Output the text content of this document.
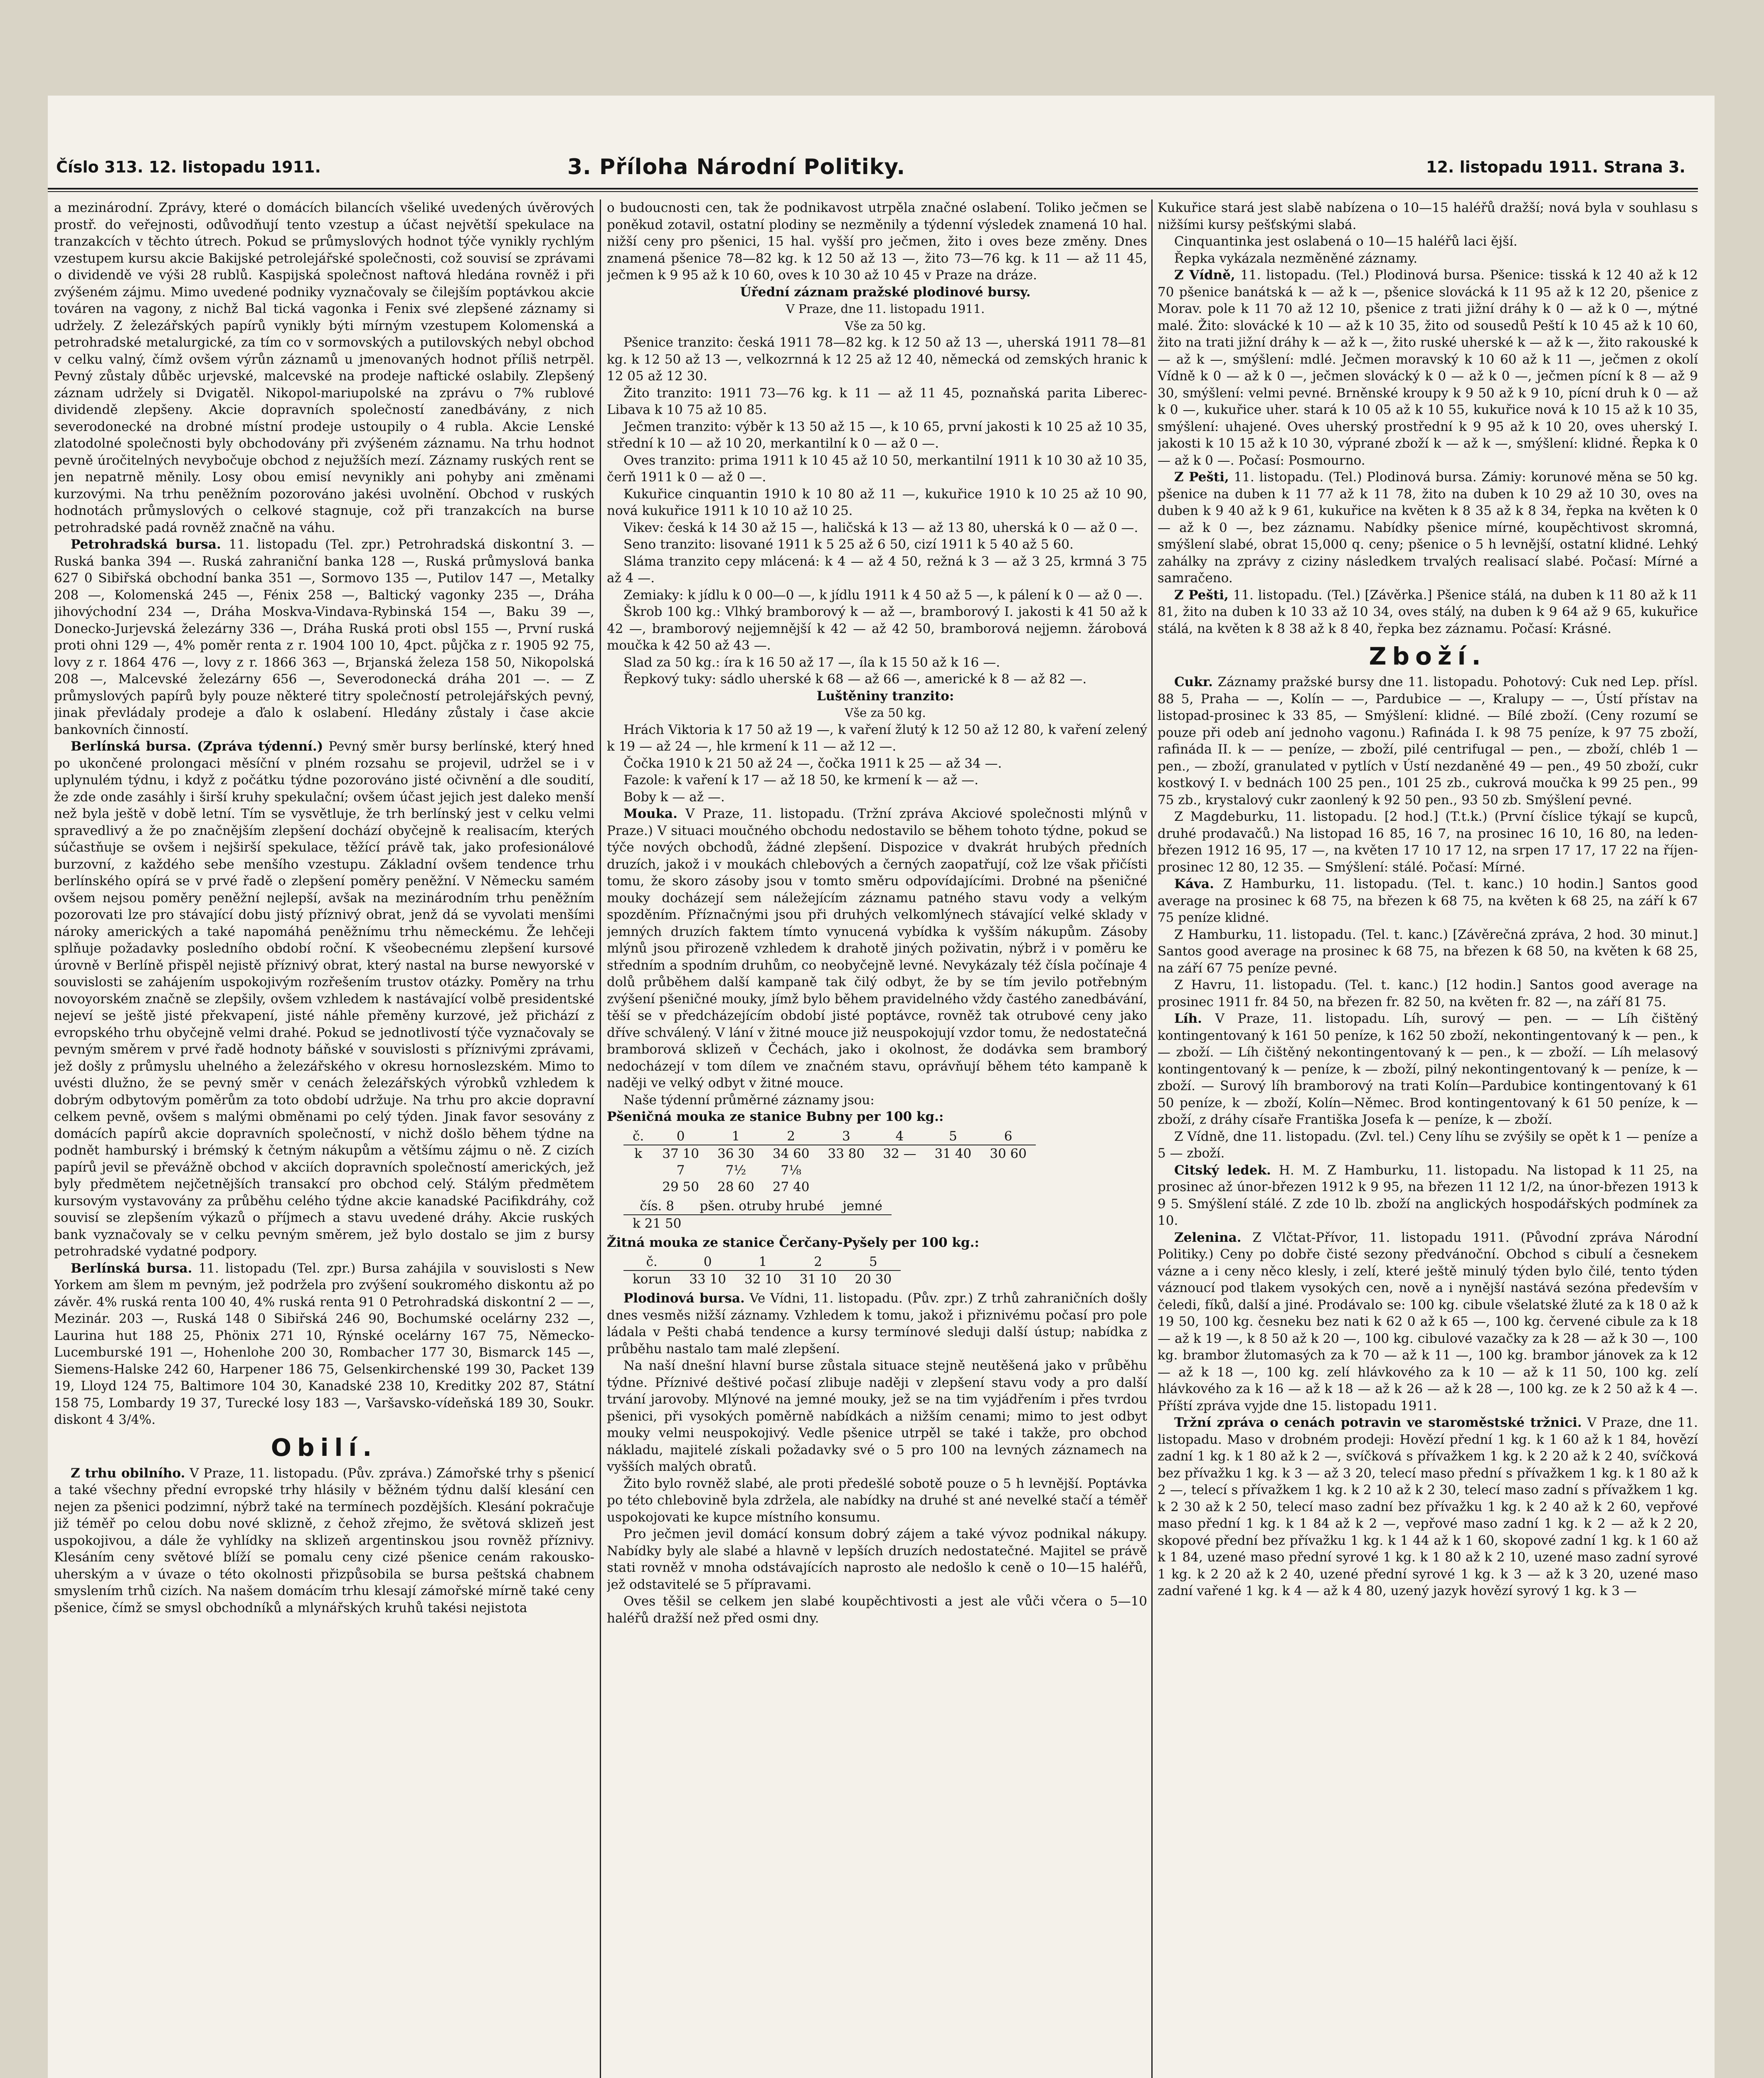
Číslo 313. 12. listopadu 1911.	3. Příloha Národní Politiky.	12. listopadu 1911. Strana 3.

a mezinárodní. Zprávy, které o domácích bilancích všeliké uvedených úvěrových prostř. do veřejnosti, odůvodňují tento vzestup a účast největší spekulace na tranzakcích v těchto útrech. Pokud se průmyslových hodnot týče vynikly rychlým vzestupem kursu akcie Bakijské petrolejářské společnosti, což souvisí se zprávami o dividendě ve výši 28 rublů. Kaspijská společnost naftová hledána rovněž i při zvýšeném zájmu. Mimo uvedené podniky vyznačovaly se čilejším poptávkou akcie továren na vagony, z nichž Bal tická vagonka i Fenix své zlepšené záznamy si udržely. Z železářských papírů vynikly býti mírným vzestupem Kolomenská a petrohradské metalurgické, za tím co v sormovských a putilovských nebyl obchod v celku valný, čímž ovšem výrůn záznamů u jmenovaných hodnot příliš netrpěl. Pevný zůstaly důběc urjevské, malcevské na prodeje naftické oslabily. Zlepšený záznam udržely si Dvigatěl. Nikopol-mariupolské na zprávu o 7% rublové dividendě zlepšeny. Akcie dopravních společností zanedbávány, z nich severodonecké na drobné místní prodeje ustoupily o 4 rubla. Akcie Lenské zlatodolné společnosti byly obchodovány při zvýšeném záznamu. Na trhu hodnot pevně úročitelných nevybočuje obchod z nejužších mezí. Záznamy ruských rent se jen nepatrně měnily. Losy obou emisí nevynikly ani pohyby ani změnami kurzovými. Na trhu peněžním pozorováno jakési uvolnění. Obchod v ruských hodnotách průmyslových o celkové stagnuje, což při tranzakcích na burse petrohradské padá rovněž značně na váhu.

Petrohradská bursa. 11. listopadu (Tel. zpr.) Petrohradská diskontní 3. — Ruská banka 394 —. Ruská zahraniční banka 128 —, Ruská průmyslová banka 627 0 Sibiřská obchodní banka 351 —, Sormovo 135 —, Putilov 147 —, Metalky 208 —, Kolomenská 245 —, Fénix 258 —, Baltický vagonky 235 —, Dráha jihovýchodní 234 —, Dráha Moskva-Vindava-Rybinská 154 —, Baku 39 —, Donecko-Jurjevská železárny 336 —, Dráha Ruská proti obsl 155 —, První ruská proti ohni 129 —, 4% poměr renta z r. 1904 100 10, 4pct. půjčka z r. 1905 92 75, lovy z r. 1864 476 —, lovy z r. 1866 363 —, Brjanská železa 158 50, Nikopolská 208 —, Malcevské železárny 656 —, Severodonecká dráha 201 —. — Z průmyslových papírů byly pouze některé titry společností petrolejářských pevný, jinak převládaly prodeje a ďalo k oslabení. Hledány zůstaly i čase akcie bankovních činností.

Berlínská bursa. (Zpráva týdenní.) Pevný směr bursy berlínské, který hned po ukončené prolongaci měsíční v plném rozsahu se projevil, udržel se i v uplynulém týdnu, i když z počátku týdne pozorováno jisté očivnění a dle soudití, že zde onde zasáhly i širší kruhy spekulační; ovšem účast jejich jest daleko menší než byla ještě v době letní. Tím se vysvětluje, že trh berlínský jest v celku velmi spravedlivý a že po značnějším zlepšení dochází obyčejně k realisacím, kterých súčastňuje se ovšem i nejširší spekulace, těžící právě tak, jako profesionálové burzovní, z každého sebe menšího vzestupu. Základní ovšem tendence trhu berlínského opírá se v prvé řadě o zlepšení poměry peněžní. V Německu samém ovšem nejsou poměry peněžní nejlepší, avšak na mezinárodním trhu peněžním pozorovati lze pro stávající dobu jistý příznivý obrat, jenž dá se vyvolati menšími nároky amerických a také napomáhá peněžnímu trhu německému. Že lehčeji splňuje požadavky posledního období roční. K všeobecnému zlepšení kursové úrovně v Berlíně přispěl nejistě příznivý obrat, který nastal na burse newyorské v souvislosti se zahájením uspokojivým rozřešením trustov otázky. Poměry na trhu novoyorském značně se zlepšily, ovšem vzhledem k nastávající volbě presidentské nejeví se ještě jisté překvapení, jisté náhle přeměny kurzové, jež přichází z evropského trhu obyčejně velmi drahé. Pokud se jednotlivostí týče vyznačovaly se pevným směrem v prvé řadě hodnoty báňské v souvislosti s příznivými zprávami, jež došly z průmyslu uhelného a železářského v okresu hornoslezském. Mimo to uvésti dlužno, že se pevný směr v cenách železářských výrobků vzhledem k dobrým odbytovým poměrům za toto období udržuje. Na trhu pro akcie dopravní celkem pevně, ovšem s malými obměnami po celý týden. Jinak favor sesovány z domácích papírů akcie dopravních společností, v nichž došlo během týdne na podnět hamburský i brémský k četným nákupům a většímu zájmu o ně. Z cizích papírů jevil se převážně obchod v akciích dopravních společností amerických, jež byly předmětem nejčetnějších transakcí pro obchod celý. Stálým předmětem kursovým vystavovány za průběhu celého týdne akcie kanadské Pacifikdráhy, což souvisí se zlepšením výkazů o příjmech a stavu uvedené dráhy. Akcie ruských bank vyznačovaly se v celku pevným směrem, jež bylo dostalo se jim z bursy petrohradské vydatné podpory.

Berlínská bursa. 11. listopadu (Tel. zpr.) Bursa zahájila v souvislosti s New Yorkem am šlem m pevným, jež podržela pro zvýšení soukromého diskontu až po závěr. 4% ruská renta 100 40, 4% ruská renta 91 0 Petrohradská diskontní 2 — —, Mezinár. 203 —, Ruská 148 0 Sibiřská 246 90, Bochumské ocelárny 232 —, Laurina hut 188 25, Phönix 271 10, Rýnské ocelárny 167 75, Německo-Lucemburské 191 —, Hohenlohe 200 30, Rombacher 177 30, Bismarck 145 —, Siemens-Halske 242 60, Harpener 186 75, Gelsenkirchenské 199 30, Packet 139 19, Lloyd 124 75, Baltimore 104 30, Kanadské 238 10, Kreditky 202 87, Státní 158 75, Lombardy 19 37, Turecké losy 183 —, Varšavsko-vídeňská 189 30, Soukr. diskont 4 3/4%.

Obilí.

Z trhu obilního. V Praze, 11. listopadu. (Pův. zpráva.) Zámořské trhy s pšenicí a také všechny přední evropské trhy hlásily v běžném týdnu další klesání cen nejen za pšenici podzimní, nýbrž také na termínech pozdějších. Klesání pokračuje již téměř po celou dobu nové sklizně, z čehož zřejmo, že světová sklizeň jest uspokojivou, a dále že vyhlídky na sklizeň argentinskou jsou rovněž příznivy. Klesáním ceny světové blíží se pomalu ceny cizé pšenice cenám rakousko-uherským a v úvaze o této okolnosti přizpůsobila se bursa peštská chabnem smyslením trhů cizích. Na našem domácím trhu klesají zámořské mírně také ceny pšenice, čímž se smysl obchodníků a mlynářských kruhů takési nejistota

o budoucnosti cen, tak že podnikavost utrpěla značné oslabení. Toliko ječmen se poněkud zotavil, ostatní plodiny se nezměnily a týdenní výsledek znamená 10 hal. nižší ceny pro pšenici, 15 hal. vyšší pro ječmen, žito i oves beze změny. Dnes znamená pšenice 78—82 kg. k 12 50 až 13 —, žito 73—76 kg. k 11 — až 11 45, ječmen k 9 95 až k 10 60, oves k 10 30 až 10 45 v Praze na dráze.

Úřední záznam pražské plodinové bursy.

V Praze, dne 11. listopadu 1911.

Vše za 50 kg.

Pšenice tranzito: česká 1911 78—82 kg. k 12 50 až 13 —, uherská 1911 78—81 kg. k 12 50 až 13 —, velkozrnná k 12 25 až 12 40, německá od zemských hranic k 12 05 až 12 30.

Žito tranzito: 1911 73—76 kg. k 11 — až 11 45, poznaňská parita Liberec-Libava k 10 75 až 10 85.

Ječmen tranzito: výběr k 13 50 až 15 —, k 10 65, první jakosti k 10 25 až 10 35, střední k 10 — až 10 20, merkantilní k 0 — až 0 —.

Oves tranzito: prima 1911 k 10 45 až 10 50, merkantilní 1911 k 10 30 až 10 35, čerň 1911 k 0 — až 0 —.

Kukuřice cinquantin 1910 k 10 80 až 11 —, kukuřice 1910 k 10 25 až 10 90, nová kukuřice 1911 k 10 10 až 10 25.

Vikev: česká k 14 30 až 15 —, haličská k 13 — až 13 80, uherská k 0 — až 0 —.

Seno tranzito: lisované 1911 k 5 25 až 6 50, cizí 1911 k 5 40 až 5 60.

Sláma tranzito cepy mlácená: k 4 — až 4 50, režná k 3 — až 3 25, krmná 3 75 až 4 —.

Zemiaky: k jídlu k 0 00—0 —, k jídlu 1911 k 4 50 až 5 —, k pálení k 0 — až 0 —.

Škrob 100 kg.: Vlhký bramborový k — až —, bramborový I. jakosti k 41 50 až k 42 —, bramborový nejjemnější k 42 — až 42 50, bramborová nejjemn. žárobová moučka k 42 50 až 43 —.

Slad za 50 kg.: íra k 16 50 až 17 —, íla k 15 50 až k 16 —.

Řepkový tuky: sádlo uherské k 68 — až 66 —, americké k 8 — až 82 —.

Luštěniny tranzito:

Vše za 50 kg.

Hrách Viktoria k 17 50 až 19 —, k vaření žlutý k 12 50 až 12 80, k vaření zelený k 19 — až 24 —, hle krmení k 11 — až 12 —.

Čočka 1910 k 21 50 až 24 —, čočka 1911 k 25 — až 34 —.

Fazole: k vaření k 17 — až 18 50, ke krmení k — až —.

Boby k — až —.

Mouka. V Praze, 11. listopadu. (Tržní zpráva Akciové společnosti mlýnů v Praze.) V situaci moučného obchodu nedostavilo se během tohoto týdne, pokud se týče nových obchodů, žádné zlepšení. Dispozice v dvakrát hrubých předních druzích, jakož i v moukách chlebových a černých zaopatřují, což lze však přičísti tomu, že skoro zásoby jsou v tomto směru odpovídajícími. Drobné na pšeničné mouky docházejí sem náležejícím záznamu patného stavu vody a velkým spozděním. Příznačnými jsou při druhých velkomlýnech stávající velké sklady v jemných druzích faktem tímto vynucená vybídka k vyšším nákupům. Zásoby mlýnů jsou přirozeně vzhledem k drahotě jiných poživatin, nýbrž i v poměru ke středním a spodním druhům, co neobyčejně levné. Nevykázaly též čísla počínaje 4 dolů průběhem další kampaně tak čilý odbyt, že by se tím jevilo potřebným zvýšení pšeničné mouky, jímž bylo během pravidelného vždy častého zanedbávání, těší se v předcházejícím období jisté poptávce, rovněž tak otrubové ceny jako dříve schválený. V lání v žitné mouce již neuspokojují vzdor tomu, že nedostatečná bramborová sklizeň v Čechách, jako i okolnost, že dodávka sem bramborý nedocházejí v tom dílem ve značném stavu, oprávňují během této kampaně k naději ve velký odbyt v žitné mouce.

Naše týdenní průměrné záznamy jsou:

Pšeničná mouka ze stanice Bubny per 100 kg.:

č.	0	1	2	3	4	5	6
k	37 10	36 30	34 60	33 80	32 —	31 40	30 60
	7	7½	7⅛				
	29 50	28 60	27 40				
čís. 8	pšen. otruby hrubé	jemné
k 21 50		

Žitná mouka ze stanice Čerčany-Pyšely per 100 kg.:

č.	0	1	2	5
korun	33 10	32 10	31 10	20 30

Plodinová bursa. Ve Vídni, 11. listopadu. (Pův. zpr.) Z trhů zahraničních došly dnes vesměs nižší záznamy. Vzhledem k tomu, jakož i přiznivému počasí pro pole ládala v Pešti chabá tendence a kursy termínové sleduji další ústup; nabídka z průběhu nastalo tam malé zlepšení.

Na naší dnešní hlavní burse zůstala situace stejně neutěšená jako v průběhu týdne. Příznivé deštivé počasí zlibuje naději v zlepšení stavu vody a pro další trvání jarovoby. Mlýnové na jemné mouky, jež se na tim vyjádřením i přes tvrdou pšenici, při vysokých poměrně nabídkách a nižším cenami; mimo to jest odbyt mouky velmi neuspokojivý. Vedle pšenice utrpěl se také i takže, pro obchod nákladu, majitelé získali požadavky své o 5 pro 100 na levných záznamech na vyšších malých obratů.

Žito bylo rovněž slabé, ale proti předešlé sobotě pouze o 5 h levnější. Poptávka po této chlebovině byla zdržela, ale nabídky na druhé st ané nevelké stačí a téměř uspokojovati ke kupce místního konsumu.

Pro ječmen jevil domácí konsum dobrý zájem a také vývoz podnikal nákupy. Nabídky byly ale slabé a hlavně v lepších druzích nedostatečné. Majitel se právě stati rovněž v mnoha odstávajících naprosto ale nedošlo k ceně o 10—15 haléřů, jež odstavitelé se 5 přípravami.

Oves těšil se celkem jen slabé koupěchtivosti a jest ale vůči včera o 5—10 haléřů dražší než před osmi dny.

Kukuřice stará jest slabě nabízena o 10—15 haléřů dražší; nová byla v souhlasu s nižšími kursy pešťskými slabá.

Cinquantinka jest oslabená o 10—15 haléřů laci ější.

Řepka vykázala nezměněné záznamy.

Z Vídně, 11. listopadu. (Tel.) Plodinová bursa. Pšenice: tisská k 12 40 až k 12 70 pšenice banátská k — až k —, pšenice slovácká k 11 95 až k 12 20, pšenice z Morav. pole k 11 70 až 12 10, pšenice z trati jižní dráhy k 0 — až k 0 —, mýtné malé. Žito: slovácké k 10 — až k 10 35, žito od sousedů Peští k 10 45 až k 10 60, žito na trati jižní dráhy k — až k —, žito ruské uherské k — až k —, žito rakouské k — až k —, smýšlení: mdlé. Ječmen moravský k 10 60 až k 11 —, ječmen z okolí Vídně k 0 — až k 0 —, ječmen slovácký k 0 — až k 0 —, ječmen pícní k 8 — až 9 30, smýšlení: velmi pevné. Brněnské kroupy k 9 50 až k 9 10, pícní druh k 0 — až k 0 —, kukuřice uher. stará k 10 05 až k 10 55, kukuřice nová k 10 15 až k 10 35, smýšlení: uhajené. Oves uherský prostřední k 9 95 až k 10 20, oves uherský I. jakosti k 10 15 až k 10 30, výprané zboží k — až k —, smýšlení: klidné. Řepka k 0 — až k 0 —. Počasí: Posmourno.

Z Pešti, 11. listopadu. (Tel.) Plodinová bursa. Zámiy: korunové měna se 50 kg. pšenice na duben k 11 77 až k 11 78, žito na duben k 10 29 až 10 30, oves na duben k 9 40 až k 9 61, kukuřice na květen k 8 35 až k 8 34, řepka na květen k 0 — až k 0 —, bez záznamu. Nabídky pšenice mírné, koupěchtivost skromná, smýšlení slabé, obrat 15,000 q. ceny; pšenice o 5 h levnější, ostatní klidné. Lehký zahálky na zprávy z ciziny následkem trvalých realisací slabé. Počasí: Mírné a samračeno.

Z Pešti, 11. listopadu. (Tel.) [Závěrka.] Pšenice stálá, na duben k 11 80 až k 11 81, žito na duben k 10 33 až 10 34, oves stálý, na duben k 9 64 až 9 65, kukuřice stálá, na květen k 8 38 až k 8 40, řepka bez záznamu. Počasí: Krásné.

Zboží.

Cukr. Záznamy pražské bursy dne 11. listopadu. Pohotový: Cuk ned Lep. přísl. 88 5, Praha — —, Kolín — —, Pardubice — —, Kralupy — —, Ústí přístav na listopad-prosinec k 33 85, — Smýšlení: klidné. — Bílé zboží. (Ceny rozumí se pouze při odeb aní jednoho vagonu.) Rafináda I. k 98 75 peníze, k 97 75 zboží, rafináda II. k — — peníze, — zboží, pilé centrifugal — pen., — zboží, chléb 1 — pen., — zboží, granulated v pytlích v Ústí nezdaněné 49 — pen., 49 50 zboží, cukr kostkový I. v bednách 100 25 pen., 101 25 zb., cukrová moučka k 99 25 pen., 99 75 zb., krystalový cukr zaonlený k 92 50 pen., 93 50 zb. Smýšlení pevné.

Z Magdeburku, 11. listopadu. [2 hod.] (T.t.k.) (První číslice týkají se kupců, druhé prodavačů.) Na listopad 16 85, 16 7, na prosinec 16 10, 16 80, na leden-březen 1912 16 95, 17 —, na květen 17 10 17 12, na srpen 17 17, 17 22 na říjen-prosinec 12 80, 12 35. — Smýšlení: stálé. Počasí: Mírné.

Káva. Z Hamburku, 11. listopadu. (Tel. t. kanc.) 10 hodin.] Santos good average na prosinec k 68 75, na březen k 68 75, na květen k 68 25, na září k 67 75 peníze klidné.

Z Hamburku, 11. listopadu. (Tel. t. kanc.) [Závěrečná zpráva, 2 hod. 30 minut.] Santos good average na prosinec k 68 75, na březen k 68 50, na květen k 68 25, na září 67 75 peníze pevné.

Z Havru, 11. listopadu. (Tel. t. kanc.) [12 hodin.] Santos good average na prosinec 1911 fr. 84 50, na březen fr. 82 50, na květen fr. 82 —, na září 81 75.

Líh. V Praze, 11. listopadu. Líh, surový — pen. — — Líh čištěný kontingentovaný k 161 50 peníze, k 162 50 zboží, nekontingentovaný k — pen., k — zboží. — Líh čištěný nekontingentovaný k — pen., k — zboží. — Líh melasový kontingentovaný k — peníze, k — zboží, pilný nekontingentovaný k — peníze, k — zboží. — Surový líh bramborový na trati Kolín—Pardubice kontingentovaný k 61 50 peníze, k — zboží, Kolín—Němec. Brod kontingentovaný k 61 50 peníze, k — zboží, z dráhy císaře Františka Josefa k — peníze, k — zboží.

Z Vídně, dne 11. listopadu. (Zvl. tel.) Ceny líhu se zvýšily se opět k 1 — peníze a 5 — zboží.

Citský ledek. H. M. Z Hamburku, 11. listopadu. Na listopad k 11 25, na prosinec až únor-březen 1912 k 9 95, na březen 11 12 1/2, na únor-březen 1913 k 9 5. Smýšlení stálé. Z zde 10 lb. zboží na anglických hospodářských podmínek za 10.

Zelenina. Z Vlčtat-Přívor, 11. listopadu 1911. (Původní zpráva Národní Politiky.) Ceny po dobře čisté sezony předvánoční. Obchod s cibulí a česnekem vázne a i ceny něco klesly, i zelí, které ještě minulý týden bylo čilé, tento týden váznoucí pod tlakem vysokých cen, nově a i nynější nastává sezóna především v čeledi, fíků, další a jiné. Prodávalo se: 100 kg. cibule všelatské žluté za k 18 0 až k 19 50, 100 kg. česneku bez nati k 62 0 až k 65 —, 100 kg. červené cibule za k 18 — až k 19 —, k 8 50 až k 20 —, 100 kg. cibulové vazačky za k 28 — až k 30 —, 100 kg. brambor žlutomasých za k 70 — až k 11 —, 100 kg. brambor jánovek za k 12 — až k 18 —, 100 kg. zelí hlávkového za k 10 — až k 11 50, 100 kg. zelí hlávkového za k 16 — až k 18 — až k 26 — až k 28 —, 100 kg. ze k 2 50 až k 4 —. Příští zpráva vyjde dne 15. listopadu 1911.

Tržní zpráva o cenách potravin ve staroměstské tržnici. V Praze, dne 11. listopadu. Maso v drobném prodeji: Hovězí přední 1 kg. k 1 60 až k 1 84, hovězí zadní 1 kg. k 1 80 až k 2 —, svíčková s přívažkem 1 kg. k 2 20 až k 2 40, svíčková bez přívažku 1 kg. k 3 — až 3 20, telecí maso přední s přívažkem 1 kg. k 1 80 až k 2 —, telecí s přívažkem 1 kg. k 2 10 až k 2 30, telecí maso zadní s přívažkem 1 kg. k 2 30 až k 2 50, telecí maso zadní bez přívažku 1 kg. k 2 40 až k 2 60, vepřové maso přední 1 kg. k 1 84 až k 2 —, vepřové maso zadní 1 kg. k 2 — až k 2 20, skopové přední bez přívažku 1 kg. k 1 44 až k 1 60, skopové zadní 1 kg. k 1 60 až k 1 84, uzené maso přední syrové 1 kg. k 1 80 až k 2 10, uzené maso zadní syrové 1 kg. k 2 20 až k 2 40, uzené přední syrové 1 kg. k 3 — až k 3 20, uzené maso zadní vařené 1 kg. k 4 — až k 4 80, uzený jazyk hovězí syrový 1 kg. k 3 —
